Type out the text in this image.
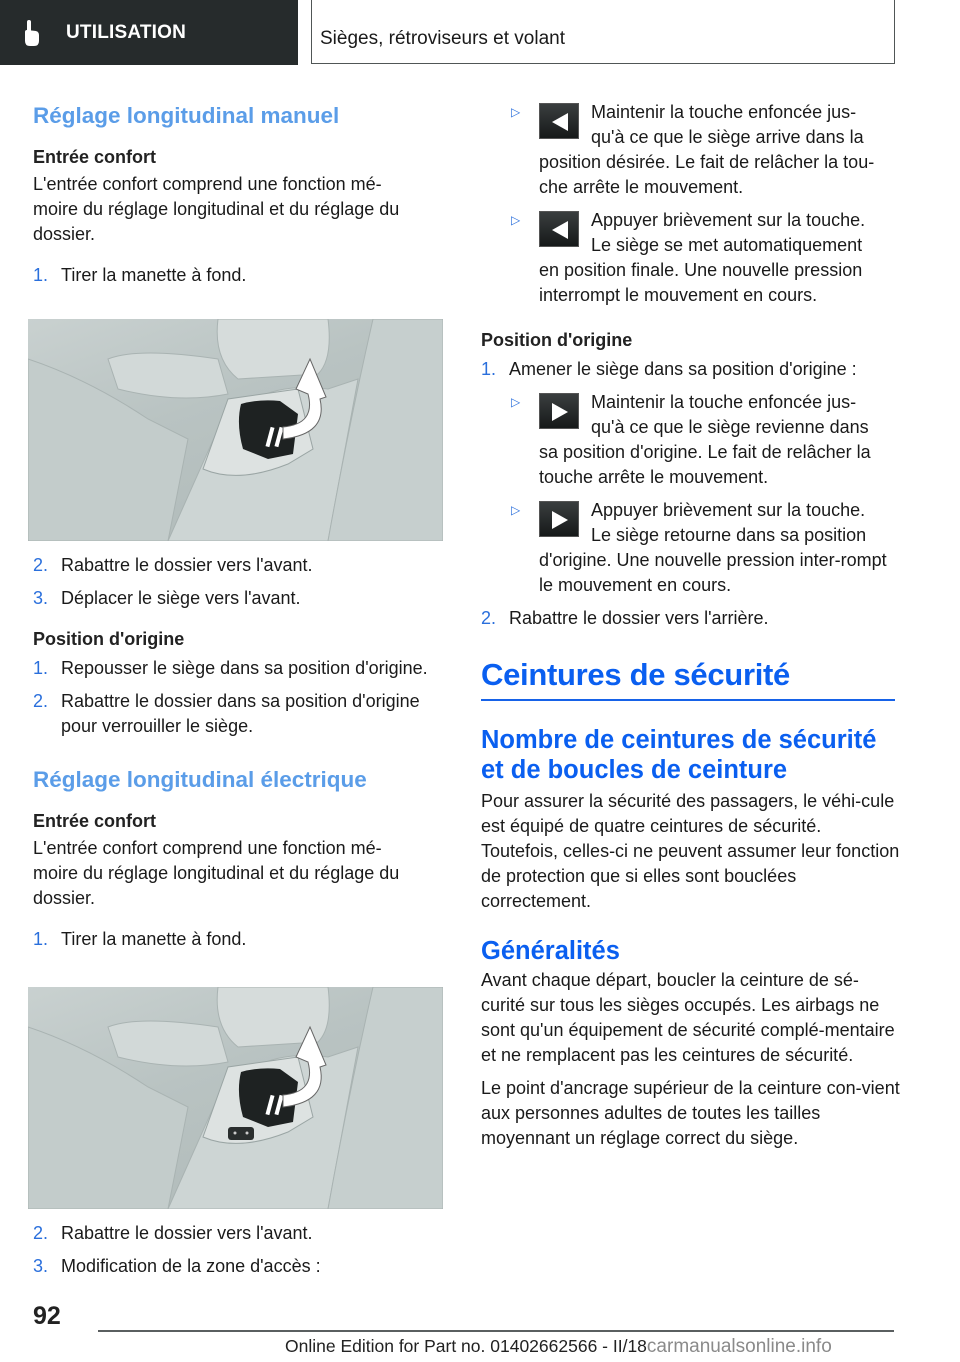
UTILISATION	Sièges, rétroviseurs et volant
Réglage longitudinal manuel
Entrée confort
L'entrée confort comprend une fonction mé-
moire du réglage longitudinal et du réglage du
dossier.
1. Tirer la manette à fond.
2. Rabattre le dossier vers l'avant.
3. Déplacer le siège vers l'avant.
Position d'origine
1. Repousser le siège dans sa position d'origine.
2. Rabattre le dossier dans sa position d'origine pour verrouiller le siège.
Réglage longitudinal électrique
Entrée confort
L'entrée confort comprend une fonction mé-
moire du réglage longitudinal et du réglage du
dossier.
1. Tirer la manette à fond.
2. Rabattre le dossier vers l'avant.
3. Modification de la zone d'accès :
▷	Maintenir la touche enfoncée jus-
qu'à ce que le siège arrive dans la
position désirée. Le fait de relâcher la tou-che arrête le mouvement.
▷	Appuyer brièvement sur la touche.
Le siège se met automatiquement
en position finale. Une nouvelle pression interrompt le mouvement en cours.
Position d'origine
1. Amener le siège dans sa position d'origine :
▷	Maintenir la touche enfoncée jus-
qu'à ce que le siège revienne dans
sa position d'origine. Le fait de relâcher la touche arrête le mouvement.
▷	Appuyer brièvement sur la touche.
Le siège retourne dans sa position
d'origine. Une nouvelle pression inter-rompt le mouvement en cours.
2. Rabattre le dossier vers l'arrière.
Ceintures de sécurité
Nombre de ceintures de sécurité et de boucles de ceinture

Pour assurer la sécurité des passagers, le véhi-cule est équipé de quatre ceintures de sécurité. Toutefois, celles-ci ne peuvent assumer leur fonction de protection que si elles sont bouclées correctement.

Généralités

Avant chaque départ, boucler la ceinture de sé-curité sur tous les sièges occupés. Les airbags ne sont qu'un équipement de sécurité complé-mentaire et ne remplacent pas les ceintures de sécurité.

Le point d'ancrage supérieur de la ceinture con-vient aux personnes adultes de toutes les tailles moyennant un réglage correct du siège.

92
Online Edition for Part no. 01402662566 - II/18carmanualsonline.info
